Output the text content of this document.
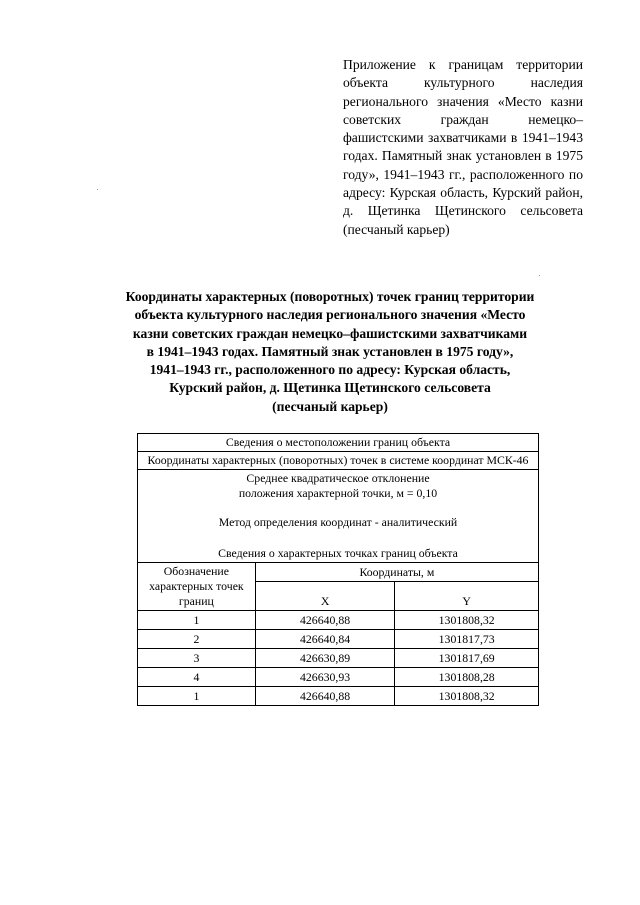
Приложение к границам территории объекта культурного наследия регионального значения «Место казни советских граждан немецко–фашистскими захватчиками в 1941–1943 годах. Памятный знак установлен в 1975 году», 1941–1943 гг., расположенного по адресу: Курская область, Курский район, д. Щетинка Щетинского сельсовета (песчаный карьер)
Координаты характерных (поворотных) точек границ территории
объекта культурного наследия регионального значения «Место
казни советских граждан немецко–фашистскими захватчиками
в 1941–1943 годах. Памятный знак установлен в 1975 году»,
1941–1943 гг., расположенного по адресу: Курская область,
Курский район, д. Щетинка Щетинского сельсовета
(песчаный карьер)
Сведения о местоположении границ объекта		
Координаты характерных (поворотных) точек в системе координат МСК-46		

Среднее квадратическое отклонение
положения характерной точки, м = 0,10
Метод определения координат - аналитический
Сведения о характерных точках границ объекта		

Обозначение характерных точек границ	Координаты, м	
	X	Y
1	426640,88	1301808,32
2	426640,84	1301817,73
3	426630,89	1301817,69
4	426630,93	1301808,28
1	426640,88	1301808,32
